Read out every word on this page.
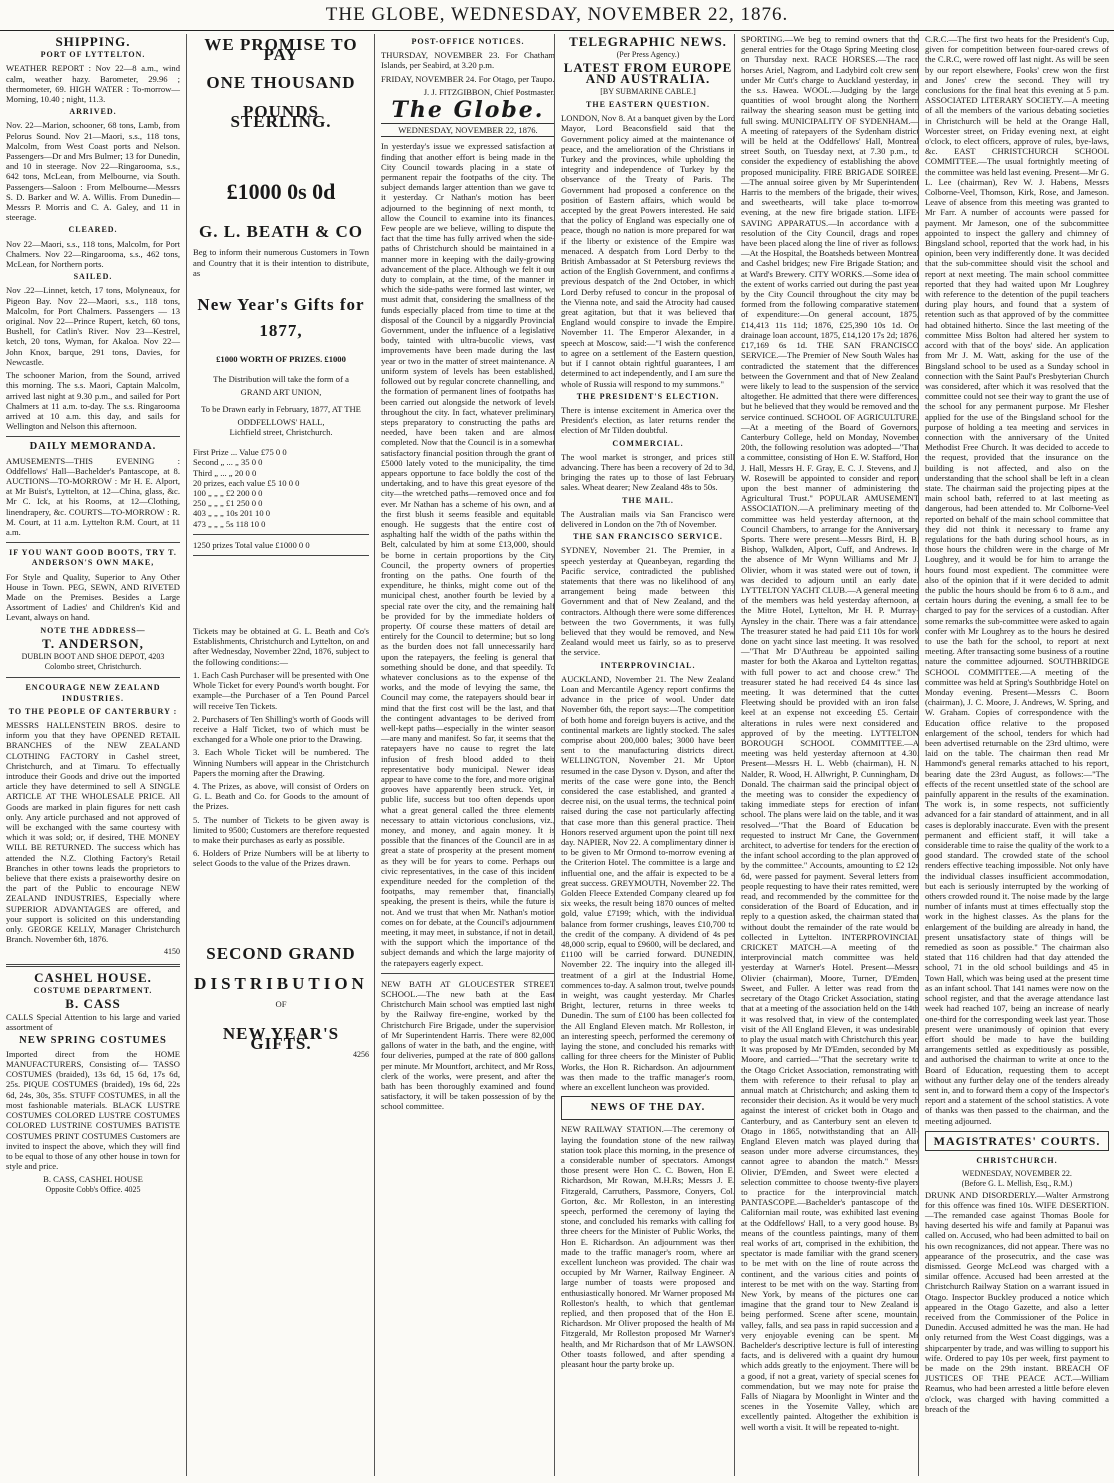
THE GLOBE, WEDNESDAY, NOVEMBER 22, 1876.
SHIPPING.
PORT OF LYTTELTON.

WEATHER REPORT : Nov 22—8 a.m., wind calm, weather hazy. Barometer, 29.96 ; thermometer, 69. HIGH WATER : To-morrow—Morning, 10.40 ; night, 11.3.

ARRIVED.

Nov. 22—Marion, schooner, 68 tons, Lamb, from Pelorus Sound. Nov 21—Maori, s.s., 118 tons, Malcolm, from West Coast ports and Nelson. Passengers—Dr and Mrs Bulmer; 13 for Dunedin, and 10 in steerage. Nov 22—Ringarooma, s.s., 642 tons, McLean, from Melbourne, via South. Passengers—Saloon : From Melbourne—Messrs S. D. Barker and W. A. Willis. From Dunedin—Messrs P. Morris and C. A. Galey, and 11 in steerage.

CLEARED.

Nov 22—Maori, s.s., 118 tons, Malcolm, for Port Chalmers. Nov 22—Ringarooma, s.s., 462 tons, McLean, for Northern ports.

SAILED.

Nov .22—Linnet, ketch, 17 tons, Molyneaux, for Pigeon Bay. Nov 22—Maori, s.s., 118 tons, Malcolm, for Port Chalmers. Passengers — 13 original. Nov 22—Prince Rupert, ketch, 60 tons, Bushell, for Catlin's River. Nov 23—Kestrel, ketch, 20 tons, Wyman, for Akaloa. Nov 22—John Knox, barque, 291 tons, Davies, for Newcastle.

The schooner Marion, from the Sound, arrived this morning. The s.s. Maori, Captain Malcolm, arrived last night at 9.30 p.m., and sailed for Port Chalmers at 11 a.m. to-day. The s.s. Ringarooma arrived at 10 a.m. this day, and sails for Wellington and Nelson this afternoon.

DAILY MEMORANDA.

AMUSEMENTS—THIS EVENING : Oddfellows' Hall—Bachelder's Pantascope, at 8. AUCTIONS—TO-MORROW : Mr H. E. Alport, at Mr Buist's, Lyttelton, at 12—China, glass, &c. Mr C. Ick, at his Rooms, at 12—Clothing, linendrapery, &c. COURTS—TO-MORROW : R. M. Court, at 11 a.m. Lyttelton R.M. Court, at 11 a.m.

IF YOU WANT GOOD BOOTS, TRY T. ANDERSON'S OWN MAKE,

For Style and Quality, Superior to Any Other House in Town. PEG, SEWN, AND RIVETED Made on the Premises. Besides a Large Assortment of Ladies' and Children's Kid and Levant, always on hand.

NOTE THE ADDRESS—
T. ANDERSON,
DUBLIN BOOT AND SHOE DEPOT, 4203 Colombo street, Christchurch.
ENCOURAGE NEW ZEALAND INDUSTRIES.
TO THE PEOPLE OF CANTERBURY :

MESSRS HALLENSTEIN BROS. desire to inform you that they have OPENED RETAIL BRANCHES of the NEW ZEALAND CLOTHING FACTORY in Cashel street, Christchurch, and at Timaru. To effectually introduce their Goods and drive out the imported article they have determined to sell A SINGLE ARTICLE AT THE WHOLESALE PRICE. All Goods are marked in plain figures for nett cash only. Any article purchased and not approved of will be exchanged with the same courtesy with which it was sold; or, if desired, THE MONEY WILL BE RETURNED. The success which has attended the N.Z. Clothing Factory's Retail Branches in other towns leads the proprietors to believe that there exists a praiseworthy desire on the part of the Public to encourage NEW ZEALAND INDUSTRIES, Especially where SUPERIOR ADVANTAGES are offered, and your support is solicited on this understanding only. GEORGE KELLY, Manager Christchurch Branch. November 6th, 1876.

4150
CASHEL HOUSE.
COSTUME DEPARTMENT.
B. CASS

CALLS Special Attention to his large and varied assortment of

NEW SPRING COSTUMES

Imported direct from the HOME MANUFACTURERS, Consisting of— TASSO COSTUMES (braided), 13s 6d, 15 6d, 17s 6d, 25s. PIQUE COSTUMES (braided), 19s 6d, 22s 6d, 24s, 30s, 35s. STUFF COSTUMES, in all the most fashionable materials. BLACK LUSTRE COSTUMES COLORED LUSTRE COSTUMES COLORED LUSTRINE COSTUMES BATISTE COSTUMES PRINT COSTUMES Customers are invited to inspect the above, which they will find to be equal to those of any other house in town for style and price.

B. CASS, CASHEL HOUSE
Opposite Cobb's Office. 4025
WE PROMISE TO PAY
ONE THOUSAND
POUNDS STERLING.
£1000 0s 0d
G. L. BEATH & CO

Beg to inform their numerous Customers in Town and Country that it is their intention to distribute, as

New Year's Gifts for 1877,
£1000 WORTH OF PRIZES. £1000

The Distribution will take the form of a

GRAND ART UNION,

To be Drawn early in February, 1877, AT THE

ODDFELLOWS' HALL,
Lichfield street, Christchurch.
First Prize ... Value £75 0 0
Second „ ... „ 35 0 0
Third „ ... „ 20 0 0
20 prizes, each value £5 10 0 0
100 „ „ „ £2 200 0 0
250 „ „ „ £1 250 0 0
403 „ „ „ 10s 201 10 0
473 „ „ „ 5s 118 10 0
1250 prizes Total value £1000 0 0

Tickets may be obtained at G. L. Beath and Co's Establishments, Christchurch and Lyttelton, on and after Wednesday, November 22nd, 1876, subject to the following conditions:—

1. Each Cash Purchaser will be presented with One Whole Ticket for every Pound's worth bought. For example—the Purchaser of a Ten Pound Parcel will receive Ten Tickets.

2. Purchasers of Ten Shilling's worth of Goods will receive a Half Ticket, two of which must be exchanged for a Whole one prior to the Drawing.

3. Each Whole Ticket will be numbered. The Winning Numbers will appear in the Christchurch Papers the morning after the Drawing.

4. The Prizes, as above, will consist of Orders on G. L. Beath and Co. for Goods to the amount of the Prizes.

5. The number of Tickets to be given away is limited to 9500; Customers are therefore requested to make their purchases as early as possible.

6. Holders of Prize Numbers will be at liberty to select Goods to the value of the Prizes drawn.

SECOND GRAND
DISTRIBUTION
OF
NEW YEAR'S GIFTS.
4256
POST-OFFICE NOTICES.

THURSDAY, NOVEMBER 23. For Chatham Islands, per Seabird, at 3.20 p.m.

FRIDAY, NOVEMBER 24. For Otago, per Taupo.

J. J. FITZGIBBON, Chief Postmaster.
The Globe.
WEDNESDAY, NOVEMBER 22, 1876.

In yesterday's issue we expressed satisfaction at finding that another effort is being made in the City Council towards placing in a state of permanent repair the footpaths of the city. The subject demands larger attention than we gave to it yesterday. Cr Nathan's motion has been adjourned to the beginning of next month, to allow the Council to examine into its finances. Few people are we believe, willing to dispute the fact that the time has fully arrived when the side-paths of Christchurch should be maintained in a manner more in keeping with the daily-growing advancement of the place. Although we felt it our duty to complain, at the time, of the manner in which the side-paths were formed last winter, we must admit that, considering the smallness of the funds especially placed from time to time at the disposal of the Council by a niggardly Provincial Government, under the influence of a legislative body, tainted with ultra-bucolic views, vast improvements have been made during the last year or two in the matter of street maintenance. A uniform system of levels has been established, followed out by regular concrete channelling, and the formation of permanent lines of footpaths has been carried out alongside the network of levels throughout the city. In fact, whatever preliminary steps preparatory to constructing the paths are needed, have been taken and are almost completed. Now that the Council is in a somewhat satisfactory financial position through the grant of £5000 lately voted to the municipality, the time appears opportune to face boldly the cost of the undertaking, and to have this great eyesore of the city—the wretched paths—removed once and for ever. Mr Nathan has a scheme of his own, and at the first blush it seems feasible and equitable enough. He suggests that the entire cost of asphalting half the width of the paths within the Belt, calculated by him at some £13,000, should be borne in certain proportions by the City Council, the property owners of properties fronting on the paths. One fourth of the expenditure, he thinks, might come out of the municipal chest, another fourth be levied by a special rate over the city, and the remaining half be provided for by the immediate holders of property. Of course these matters of detail are entirely for the Council to determine; but so long as the burden does not fall unnecessarily hard upon the ratepayers, the feeling is general that something should be done, and that speedily. To whatever conclusions as to the expense of the works, and the mode of levying the same, the Council may come, the ratepayers should bear in mind that the first cost will be the last, and that the contingent advantages to be derived from well-kept paths—especially in the winter season—are many and manifest. So far, it seems that the ratepayers have no cause to regret the late infusion of fresh blood added to their representative body municipal. Newer ideas appear to have come to the fore, and more original grooves have apparently been struck. Yet, in public life, success but too often depends upon what a great general called the three elements necessary to attain victorious conclusions, viz., money, and money, and again money. It is possible that the finances of the Council are in as great a state of prosperity at the present moment as they will be for years to come. Perhaps our civic representatives, in the case of this incident expenditure needed for the completion of the footpaths, may remember that, financially speaking, the present is theirs, while the future is not. And we trust that when Mr. Nathan's motion comes on for debate, at the Council's adjournment meeting, it may meet, in substance, if not in detail, with the support which the importance of the subject demands and which the large majority of the ratepayers eagerly expect.

NEW BATH AT GLOUCESTER STREET SCHOOL.—The new bath at the East Christchurch Main school was emptied last night by the Railway fire-engine, worked by the Christchurch Fire Brigade, under the supervision of Mr Superintendent Harris. There were 82,000 gallons of water in the bath, and the engine, with four deliveries, pumped at the rate of 800 gallons per minute. Mr Mountfort, architect, and Mr Ross, clerk of the works, were present, and after the bath has been thoroughly examined and found satisfactory, it will be taken possession of by the school committee.

TELEGRAPHIC NEWS.
(Per Press Agency.)
LATEST FROM EUROPE AND AUSTRALIA.
[BY SUBMARINE CABLE.]
THE EASTERN QUESTION.

LONDON, Nov 8. At a banquet given by the Lord Mayor, Lord Beaconsfield said that the Government policy aimed at the maintenance of peace, and the amelioration of the Christians in Turkey and the provinces, while upholding the integrity and independence of Turkey by the observance of the Treaty of Paris. The Government had proposed a conference on the position of Eastern affairs, which would be accepted by the great Powers interested. He said that the policy of England was especially one of peace, though no nation is more prepared for war if the liberty or existence of the Empire was menaced. A despatch from Lord Derby to the British Ambassador at St Petersburg reviews the action of the English Government, and confirms a previous despatch of the 2nd October, in which Lord Derby refused to concur in the proposal of the Vienna note, and said the Atrocity had caused great agitation, but that it was believed that England would conspire to invade the Empire. November 11. The Emperor Alexander, in a speech at Moscow, said:—"I wish the conference to agree on a settlement of the Eastern question, but if I cannot obtain rightful guarantees, I am determined to act independently, and I am sure the whole of Russia will respond to my summons."

THE PRESIDENT'S ELECTION.

There is intense excitement in America over the President's election, as later returns render the election of Mr Tilden doubtful.

COMMERCIAL.

The wool market is stronger, and prices still advancing. There has been a recovery of 2d to 3d, bringing the rates up to those of last February sales. Wheat dearer; New Zealand 48s to 50s.

THE MAIL.

The Australian mails via San Francisco were delivered in London on the 7th of November.

THE SAN FRANCISCO SERVICE.

SYDNEY, November 21. The Premier, in a speech yesterday at Queanbeyan, regarding the Pacific service, contradicted the published statements that there was no likelihood of any arrangement being made between this Government and that of New Zealand, and the contractors. Although there were some differences between the two Governments, it was fully believed that they would be removed, and New Zealand would meet us fairly, so as to preserve the service.

INTERPROVINCIAL.

AUCKLAND, November 21. The New Zealand Loan and Mercantile Agency report confirms the advance in the price of wool. Under date November 6th, the report says:—The competition of both home and foreign buyers is active, and the continental markets are lightly stocked. The sales comprise about 200,000 bales; 3000 have been sent to the manufacturing districts direct. WELLINGTON, November 21. Mr Upton resumed in the case Dyson v. Dyson, and after the merits of the case were gone into, the Bench considered the case established, and granted a decree nisi, on the usual terms, the technical point raised during the case not particularly affecting that case more than this general practice. Their Honors reserved argument upon the point till next day. NAPIER, Nov 22. A complimentary dinner is to be given to Mr Ormond to-morrow evening at the Criterion Hotel. The committee is a large and influential one, and the affair is expected to be a great success. GREYMOUTH, November 22. The Golden Fleece Extended Company cleared up for six weeks, the result being 1870 ounces of melted gold, value £7199; which, with the individual balance from former crushings, leaves £10,700 to the credit of the company. A dividend of 4s per 48,000 scrip, equal to £9600, will be declared, and £1100 will be carried forward. DUNEDIN, November 22. The inquiry into the alleged ill-treatment of a girl at the Industrial Home, commences to-day. A salmon trout, twelve pounds in weight, was caught yesterday. Mr Charles Bright, lecturer, returns in three weeks to Dunedin. The sum of £100 has been collected for the All England Eleven match. Mr Rolleston, in an interesting speech, performed the ceremony of laying the stone, and concluded his remarks with calling for three cheers for the Minister of Public Works, the Hon R. Richardson. An adjournment was then made to the traffic manager's room, where an excellent luncheon was provided.

NEWS OF THE DAY.

NEW RAILWAY STATION.—The ceremony of laying the foundation stone of the new railway station took place this morning, in the presence of a considerable number of spectators. Amongst those present were Hon C. C. Bowen, Hon E. Richardson, Mr Rowan, M.H.Rs; Messrs J. E. Fitzgerald, Carruthers, Passmore, Conyers, Col. Gorton, &c. Mr Rolleston, in an interesting speech, performed the ceremony of laying the stone, and concluded his remarks with calling for three cheers for the Minister of Public Works, the Hon E. Richardson. An adjournment was then made to the traffic manager's room, where an excellent luncheon was provided. The chair was occupied by Mr Warner, Railway Engineer. A large number of toasts were proposed and enthusiastically honored. Mr Warner proposed Mr Rolleston's health, to which that gentleman replied, and then proposed that of the Hon E. Richardson. Mr Oliver proposed the health of Mr Fitzgerald, Mr Rolleston proposed Mr Warner's health, and Mr Richardson that of Mr LAWSON. Other toasts followed, and after spending a pleasant hour the party broke up.

SPORTING.—We beg to remind owners that the general entries for the Otago Spring Meeting close on Thursday next. RACE HORSES.—The race horses Ariel, Nagrom, and Ladybird colt crew sent under Mr Cutt's charge to Auckland yesterday, in the s.s. Hawea. WOOL.—Judging by the large quantities of wool brought along the Northern railway the shearing season must be getting into full swing. MUNICIPALITY OF SYDENHAM.—A meeting of ratepayers of the Sydenham district will be held at the Oddfellows' Hall, Montreal street South, on Tuesday next, at 7.30 p.m., to consider the expediency of establishing the above proposed municipality. FIRE BRIGADE SOIREE.—The annual soiree given by Mr Superintendent Harris to the members of the brigade, their wives, and sweethearts, will take place to-morrow evening, at the new fire brigade station. LIFE-SAVING APPARATUS.—In accordance with a resolution of the City Council, drags and ropes have been placed along the line of river as follows:—At the Hospital, the Boatsheds between Montreal and Cashel bridges; new Fire Brigade Station; and at Ward's Brewery. CITY WORKS.—Some idea of the extent of works carried out during the past year by the City Council throughout the city may be formed from the following comparative statement of expenditure:—On general account, 1875, £14,413 11s 11d; 1876, £25,390 10s 1d. On drainage loan account, 1875, £14,120 17s 2d; 1876, £17,169 6s 1d. THE SAN FRANCISCO SERVICE.—The Premier of New South Wales has contradicted the statement that the differences between the Government and that of New Zealand were likely to lead to the suspension of the service altogether. He admitted that there were differences, but he believed that they would be removed and the service continued. SCHOOL OF AGRICULTURE.—At a meeting of the Board of Governors, Canterbury College, held on Monday, November 20th, the following resolution was adopted—"That a committee, consisting of Hon E. W. Stafford, Hon J. Hall, Messrs H. F. Gray, E. C. J. Stevens, and J. W. Rosewill be appointed to consider and report upon the best manner of administering the Agricultural Trust." POPULAR AMUSEMENT ASSOCIATION.—A preliminary meeting of the committee was held yesterday afternoon, at the Council Chambers, to arrange for the Anniversary Sports. There were present—Messrs Bird, H. B. Bishop, Walkden, Alport, Cuff, and Andrews. In the absence of Mr Wynn Williams and Mr J. Olivier, whom it was stated were out of town, it was decided to adjourn until an early date. LYTTELTON YACHT CLUB.—A general meeting of the members was held yesterday afternoon, at the Mitre Hotel, Lyttelton, Mr H. P. Murray-Aynsley in the chair. There was a fair attendance. The treasurer stated he had paid £11 10s for work done on yacht since last meeting. It was resolved—"That Mr D'Authreau be appointed sailing master for both the Akaroa and Lyttelton regattas, with full power to act and choose crew." The treasurer stated he had received £4 4s since last meeting. It was determined that the cutter Fleetwing should be provided with an iron false keel at an expense not exceeding £5. Certain alterations in rules were next considered and approved of by the meeting. LYTTELTON BOROUGH SCHOOL COMMITTEE.—A meeting was held yesterday afternoon at 4.30. Present—Messrs H. L. Webb (chairman), H. N. Nalder, R. Wood, H. Allwright, P. Cunningham, Dr Donald. The chairman said the principal object of the meeting was to consider the expediency of taking immediate steps for erection of infant school. The plans were laid on the table, and it was resolved—"That the Board of Education be requested to instruct Mr Cane, the Government architect, to advertise for tenders for the erection of the infant school according to the plan approved of by the committee." Accounts, amounting to £2 12s 6d, were passed for payment. Several letters from people requesting to have their rates remitted, were read, and recommended by the committee for the consideration of the Board of Education, and in reply to a question asked, the chairman stated that without doubt the remainder of the rate would be collected in Lyttelton. INTERPROVINCIAL CRICKET MATCH.—A meeting of the interprovincial match committee was held yesterday at Warner's Hotel. Present—Messrs Olivier (chairman), Moore, Turner, D'Emden, Sweet, and Fuller. A letter was read from the secretary of the Otago Cricket Association, stating that at a meeting of the association held on the 14th it was resolved that, in view of the contemplated visit of the All England Eleven, it was undesirable to play the usual match with Christchurch this year. It was proposed by Mr D'Emden, seconded by Mr Moore, and carried—"That the secretary write to the Otago Cricket Association, remonstrating with them with reference to their refusal to play an annual match at Christchurch; and asking them to reconsider their decision. As it would be very much against the interest of cricket both in Otago and Canterbury, and as Canterbury sent an eleven to Otago in 1865, notwithstanding that an All-England Eleven match was played during that season under more adverse circumstances, they cannot agree to abandon the match." Messrs Olivier, D'Emden, and Sweet were elected a selection committee to choose twenty-five players to practice for the interprovincial match. PANTASCOPE.—Bachelder's pantascope of the Californian mail route, was exhibited last evening at the Oddfellows' Hall, to a very good house. By means of the countless paintings, many of them real works of art, comprised in the exhibition, the spectator is made familiar with the grand scenery to be met with on the line of route across the continent, and the various cities and points of interest to be met with on the way. Starting from New York, by means of the pictures one can imagine that the grand tour to New Zealand is being performed. Scene after scene, mountain, valley, falls, and sea pass in rapid succession and a very enjoyable evening can be spent. Mr Bachelder's descriptive lecture is full of interesting facts, and is delivered with a quaint dry humour which adds greatly to the enjoyment. There will be a good, if not a great, variety of special scenes for commendation, but we may note for praise the Falls of Niagara by Moonlight in Winter and the scenes in the Yosemite Valley, which are excellently painted. Altogether the exhibition is well worth a visit. It will be repeated to-night.

C.R.C.—The first two heats for the President's Cup, given for competition between four-oared crews of the C.R.C, were rowed off last night. As will be seen by our report elsewhere, Fooks' crew won the first and Jones' crew the second. They will try conclusions for the final heat this evening at 5 p.m. ASSOCIATED LITERARY SOCIETY.—A meeting of all the members of the various debating societies in Christchurch will be held at the Orange Hall, Worcester street, on Friday evening next, at eight o'clock, to elect officers, approve of rules, bye-laws, &c. EAST CHRISTCHURCH SCHOOL COMMITTEE.—The usual fortnightly meeting of the committee was held last evening. Present—Mr G. L. Lee (chairman), Rev W. J. Habens, Messrs Colborne-Veel, Thomson, Kirk, Rose, and Jameson. Leave of absence from this meeting was granted to Mr Farr. A number of accounts were passed for payment. Mr Jameson, one of the subcommittee appointed to inspect the gallery and chimney of Bingsland school, reported that the work had, in his opinion, been very indifferently done. It was decided that the sub-committee should visit the school and report at next meeting. The main school committee reported that they had waited upon Mr Loughrey with reference to the detention of the pupil teachers during play hours, and found that a system of retention such as that approved of by the committee had obtained hitherto. Since the last meeting of the committee Miss Bolton had altered her system to accord with that of the boys' side. An application from Mr J. M. Watt, asking for the use of the Bingsland school to be used as a Sunday school in connection with the Saint Paul's Presbyterian Church was considered, after which it was resolved that the committee could not see their way to grant the use of the school for any permanent purpose. Mr Flesher applied for the use of the Bingsland school for the purpose of holding a tea meeting and services in connection with the anniversary of the United Methodist Free Church. It was decided to accede to the request, provided that the insurance on the building is not affected, and also on the understanding that the school shall be left in a clean state. The chairman said the projecting pipes at the main school bath, referred to at last meeting as dangerous, had been attended to. Mr Colborne-Veel reported on behalf of the main school committee that they did not think it necessary to frame any regulations for the bath during school hours, as in those hours the children were in the charge of Mr Loughrey, and it would be for him to arrange the hours found most expedient. The committee were also of the opinion that if it were decided to admit the public the hours should be from 6 to 8 a.m., and certain hours during the evening, a small fee to be charged to pay for the services of a custodian. After some remarks the sub-committee were asked to again confer with Mr Loughrey as to the hours he desired to use the bath for the school, to report at next meeting. After transacting some business of a routine nature the committee adjourned. SOUTHBRIDGE SCHOOL COMMITTEE.—A meeting of the committee was held at Spring's Southbridge Hotel on Monday evening. Present—Messrs C. Boorn (chairman), J. C. Moore, J. Andrews, W. Spring, and W. Graham. Copies of correspondence with the Education office relative to the proposed enlargement of the school, tenders for which had been advertised returnable on the 23rd ultimo, were laid on the table. The chairman then read Mr Hammond's general remarks attached to his report, bearing date the 23rd August, as follows:—"The effects of the recent unsettled state of the school are painfully apparent in the results of the examination. The work is, in some respects, not sufficiently advanced for a fair standard of attainment, and in all cases is deplorably inaccurate. Even with the present permanent and efficient staff, it will take a considerable time to raise the quality of the work to a good standard. The crowded state of the school renders effective teaching impossible. Not only have the individual classes insufficient accommodation, but each is seriously interrupted by the working of others crowded round it. The noise made by the large number of infants must at times effectually stop the work in the highest classes. As the plans for the enlargement of the building are already in hand, the present unsatisfactory state of things will be remedied as soon as possible." The chairman also stated that 116 children had that day attended the school, 71 in the old school buildings and 45 in Town Hall, which was being used at the present time as an infant school. That 141 names were now on the school register, and that the average attendance last week had reached 107, being an increase of nearly one-third for the corresponding week last year. Those present were unanimously of opinion that every effort should be made to have the building arrangements settled as expeditiously as possible, and authorised the chairman to write at once to the Board of Education, requesting them to accept without any further delay one of the tenders already sent in, and to forward them a copy of the Inspector's report and a statement of the school statistics. A vote of thanks was then passed to the chairman, and the meeting adjourned.

MAGISTRATES' COURTS.
CHRISTCHURCH.
WEDNESDAY, NOVEMBER 22.
(Before G. L. Mellish, Esq., R.M.)

DRUNK AND DISORDERLY.—Walter Armstrong for this offence was fined 10s. WIFE DESERTION.—The remanded case against Thomas Boole for having deserted his wife and family at Papanui was called on. Accused, who had been admitted to bail on his own recognizances, did not appear. There was no appearance of the prosecutrix, and the case was dismissed. George McLeod was charged with a similar offence. Accused had been arrested at the Christchurch Railway Station on a warrant issued in Otago. Inspector Buckley produced a notice which appeared in the Otago Gazette, and also a letter received from the Commissioner of the Police in Dunedin. Accused admitted he was the man. He had only returned from the West Coast diggings, was a shipcarpenter by trade, and was willing to support his wife. Ordered to pay 10s per week, first payment to be made on the 29th instant. BREACH OF JUSTICES OF THE PEACE ACT.—William Reamus, who had been arrested a little before eleven o'clock, was charged with having committed a breach of the
